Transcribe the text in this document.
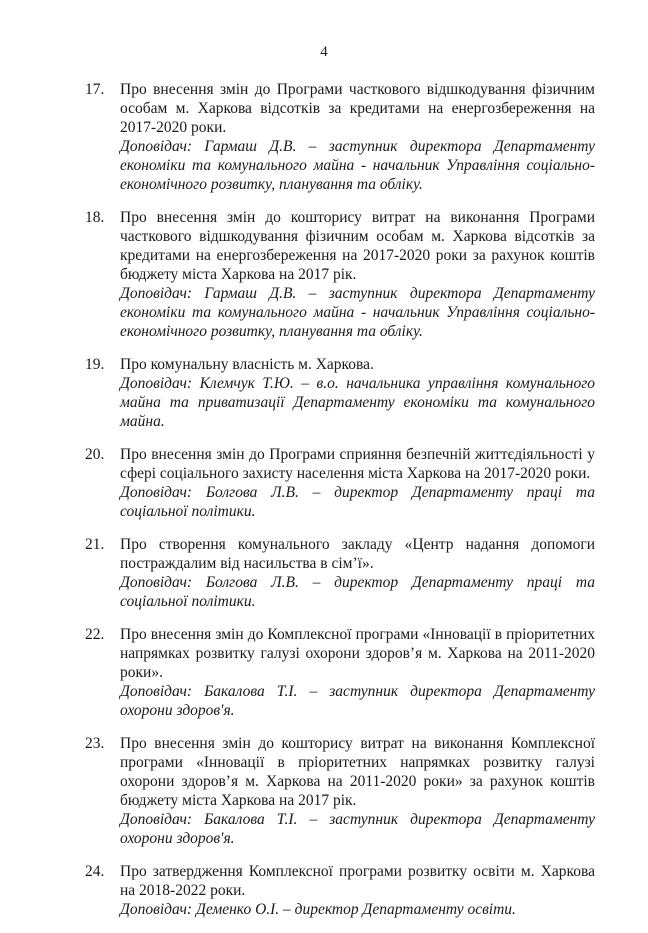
4
17.	Про внесення змін до Програми часткового відшкодування фізичним особам м. Харкова відсотків за кредитами на енергозбереження на 2017-2020 роки.
Доповідач: Гармаш Д.В. – заступник директора Департаменту економіки та комунального майна - начальник Управління соціально-економічного розвитку, планування та обліку.
18.	Про внесення змін до кошторису витрат на виконання Програми часткового відшкодування фізичним особам м. Харкова відсотків за кредитами на енергозбереження на 2017-2020 роки за рахунок коштів бюджету міста Харкова на 2017 рік.
Доповідач: Гармаш Д.В. – заступник директора Департаменту економіки та комунального майна - начальник Управління соціально-економічного розвитку, планування та обліку.
19.	Про комунальну власність м. Харкова.
Доповідач: Клемчук Т.Ю. – в.о. начальника управління комунального майна та приватизації Департаменту економіки та комунального майна.
20.	Про внесення змін до Програми сприяння безпечній життєдіяльності у сфері соціального захисту населення міста Харкова на 2017-2020 роки.
Доповідач: Болгова Л.В. – директор Департаменту праці та соціальної політики.
21.	Про створення комунального закладу «Центр надання допомоги постраждалим від насильства в сім’ї».
Доповідач: Болгова Л.В. – директор Департаменту праці та соціальної політики.
22.	Про внесення змін до Комплексної програми «Інновації в пріоритетних напрямках розвитку галузі охорони здоров’я м. Харкова на 2011-2020 роки».
Доповідач: Бакалова Т.І. – заступник директора Департаменту охорони здоров'я.
23.	Про внесення змін до кошторису витрат на виконання Комплексної програми «Інновації в пріоритетних напрямках розвитку галузі охорони здоров’я м. Харкова на 2011-2020 роки» за рахунок коштів бюджету міста Харкова на 2017 рік.
Доповідач: Бакалова Т.І. – заступник директора Департаменту охорони здоров'я.
24.	Про затвердження Комплексної програми розвитку освіти м. Харкова на 2018-2022 роки.
Доповідач: Деменко О.І. – директор Департаменту освіти.
